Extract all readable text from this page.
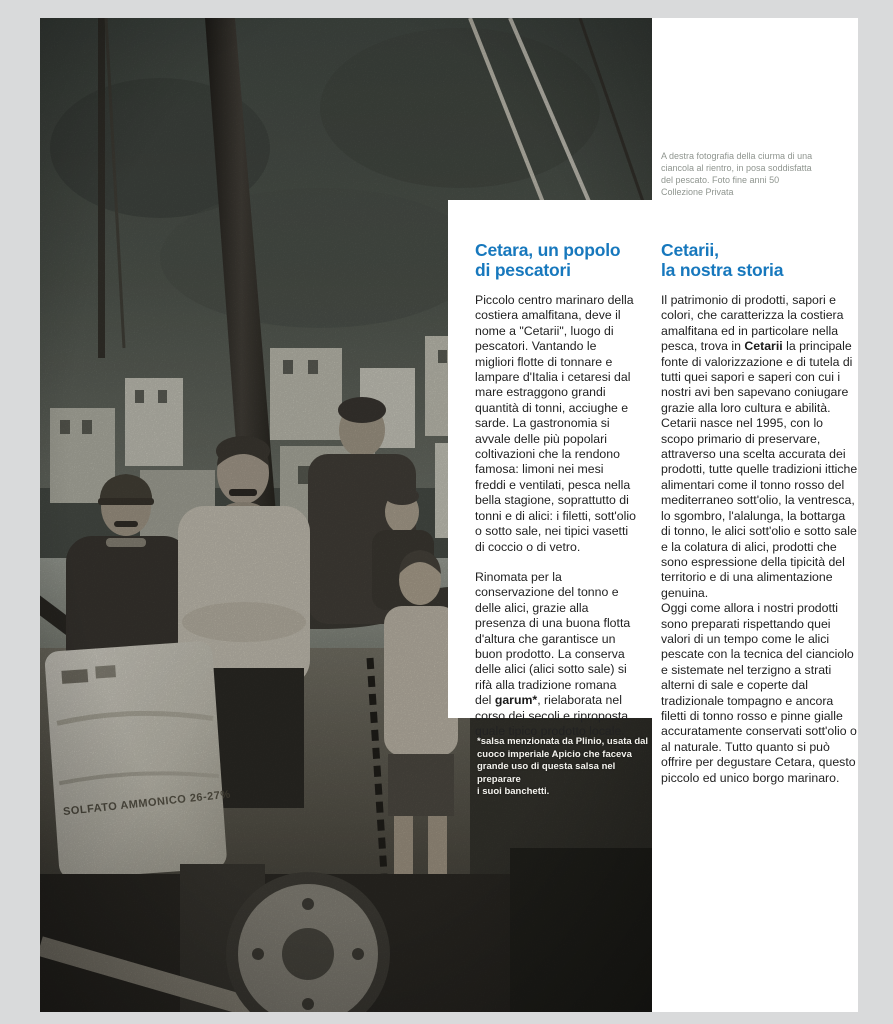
A destra fotografia della ciurma di una
ciancola al rientro, in posa soddisfatta
del pescato. Foto fine anni 50
Collezione Privata
Cetara, un popolo
di pescatori

Piccolo centro marinaro della costiera amalfitana, deve il nome a "Cetarii", luogo di pescatori. Vantando le migliori flotte di tonnare e lampare d'Italia i cetaresi dal mare estraggono grandi quantità di tonni, acciughe e sarde. La gastronomia si avvale delle più popolari coltivazioni che la rendono famosa: limoni nei mesi freddi e ventilati, pesca nella bella stagione, soprattutto di tonni e di alici: i filetti, sott'olio o sotto sale, nei tipici vasetti di coccio o di vetro.

Rinomata per la conservazione del tonno e delle alici, grazie alla presenza di una buona flotta d'altura che garantisce un buon prodotto. La conserva delle alici (alici sotto sale) si rifà alla tradizione romana del garum*, rielaborata nel corso dei secoli e riproposta quale tipico prodotto locale.

Cetarii,
la nostra storia

Il patrimonio di prodotti, sapori e colori, che caratterizza la costiera amalfitana ed in particolare nella pesca, trova in Cetarii la principale fonte di valorizzazione e di tutela di tutti quei sapori e saperi con cui i nostri avi ben sapevano coniugare grazie alla loro cultura e abilità. Cetarii nasce nel 1995, con lo scopo primario di preservare, attraverso una scelta accurata dei prodotti, tutte quelle tradizioni ittiche alimentari come il tonno rosso del mediterraneo sott'olio, la ventresca, lo sgombro, l'alalunga, la bottarga di tonno, le alici sott'olio e sotto sale e la colatura di alici, prodotti che sono espressione della tipicità del territorio e di una alimentazione genuina.

Oggi come allora i nostri prodotti sono preparati rispettando quei valori di un tempo come le alici pescate con la tecnica del cianciolo e sistemate nel terzigno a strati alterni di sale e coperte dal tradizionale tompagno e ancora filetti di tonno rosso e pinne gialle accuratamente conservati sott'olio o al naturale. Tutto quanto si può offrire per degustare Cetara, questo piccolo ed unico borgo marinaro.

*salsa menzionata da Plinio, usata dal
cuoco imperiale Apicio che faceva
grande uso di questa salsa nel preparare
i suoi banchetti.
